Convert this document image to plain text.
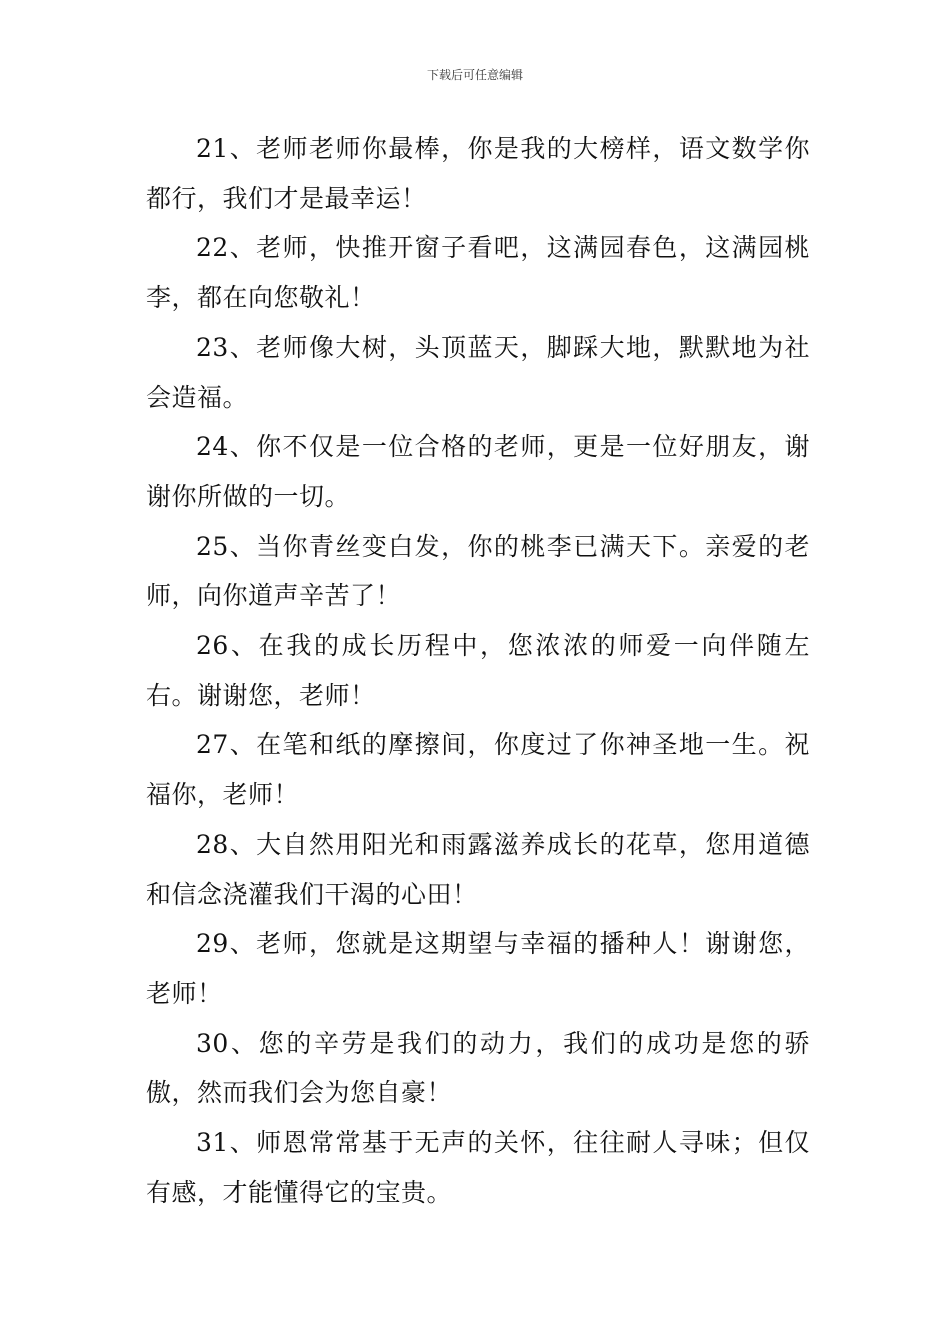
下载后可任意编辑

21、老师老师你最棒，你是我的大榜样，语文数学你都行，我们才是最幸运！

22、老师，快推开窗子看吧，这满园春色，这满园桃李，都在向您敬礼！

23、老师像大树，头顶蓝天，脚踩大地，默默地为社会造福。

24、你不仅是一位合格的老师，更是一位好朋友，谢谢你所做的一切。

25、当你青丝变白发，你的桃李已满天下。亲爱的老师，向你道声辛苦了！

26、在我的成长历程中，您浓浓的师爱一向伴随左右。谢谢您，老师！

27、在笔和纸的摩擦间，你度过了你神圣地一生。祝福你，老师！

28、大自然用阳光和雨露滋养成长的花草，您用道德和信念浇灌我们干渴的心田！

29、老师，您就是这期望与幸福的播种人！谢谢您，老师！

30、您的辛劳是我们的动力，我们的成功是您的骄傲，然而我们会为您自豪！

31、师恩常常基于无声的关怀，往往耐人寻味；但仅有感，才能懂得它的宝贵。
